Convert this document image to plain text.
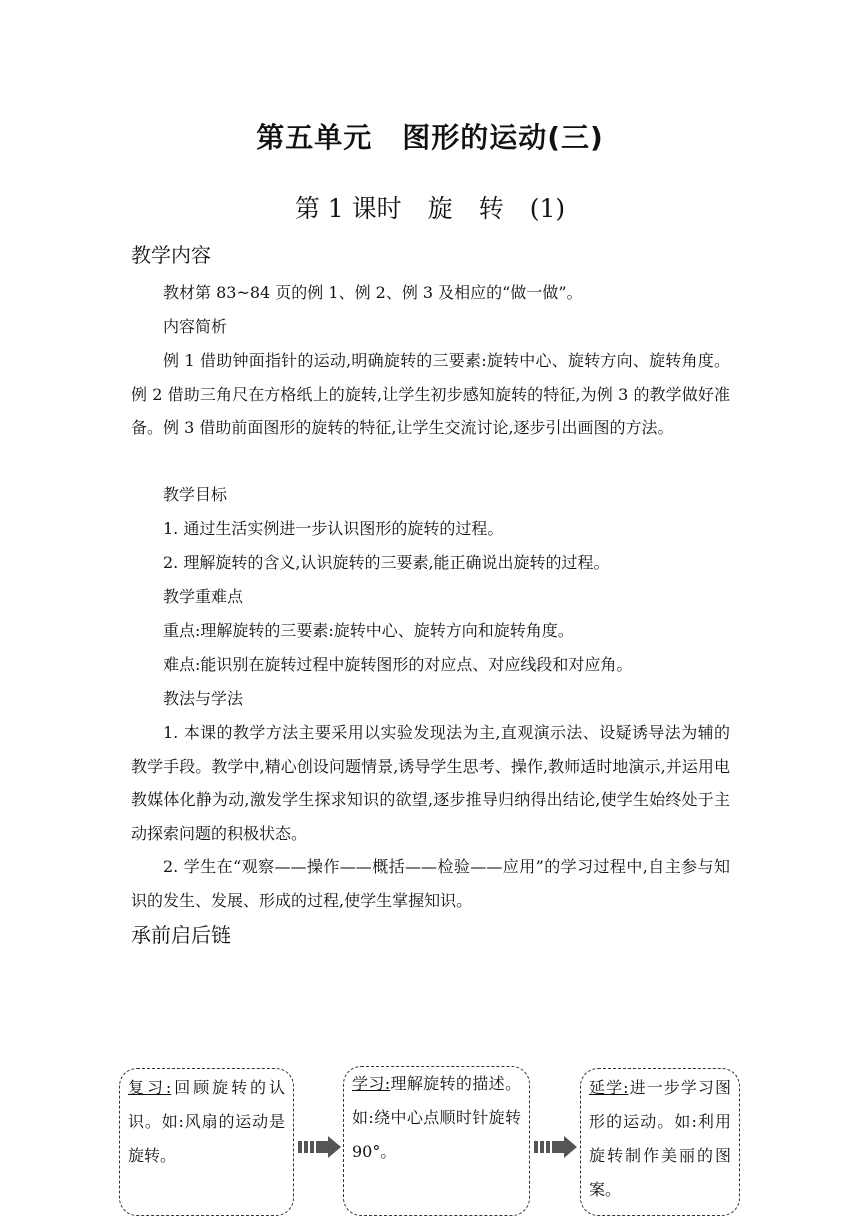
第五单元 图形的运动(三)
第 1 课时 旋 转 (1)
教学内容
教材第 83~84 页的例 1、例 2、例 3 及相应的“做一做”。
内容简析
例 1 借助钟面指针的运动,明确旋转的三要素:旋转中心、旋转方向、旋转角度。例 2 借助三角尺在方格纸上的旋转,让学生初步感知旋转的特征,为例 3 的教学做好准备。例 3 借助前面图形的旋转的特征,让学生交流讨论,逐步引出画图的方法。
教学目标
1. 通过生活实例进一步认识图形的旋转的过程。
2. 理解旋转的含义,认识旋转的三要素,能正确说出旋转的过程。
教学重难点
重点:理解旋转的三要素:旋转中心、旋转方向和旋转角度。
难点:能识别在旋转过程中旋转图形的对应点、对应线段和对应角。
教法与学法
1. 本课的教学方法主要采用以实验发现法为主,直观演示法、设疑诱导法为辅的教学手段。教学中,精心创设问题情景,诱导学生思考、操作,教师适时地演示,并运用电教媒体化静为动,激发学生探求知识的欲望,逐步推导归纳得出结论,使学生始终处于主动探索问题的积极状态。
2. 学生在“观察——操作——概括——检验——应用”的学习过程中,自主参与知识的发生、发展、形成的过程,使学生掌握知识。
承前启后链
复习:回顾旋转的认识。如:风扇的运动是旋转。
学习:理解旋转的描述。如:绕中心点顺时针旋转 90°。
延学:进一步学习图形的运动。如:利用旋转制作美丽的图案。
